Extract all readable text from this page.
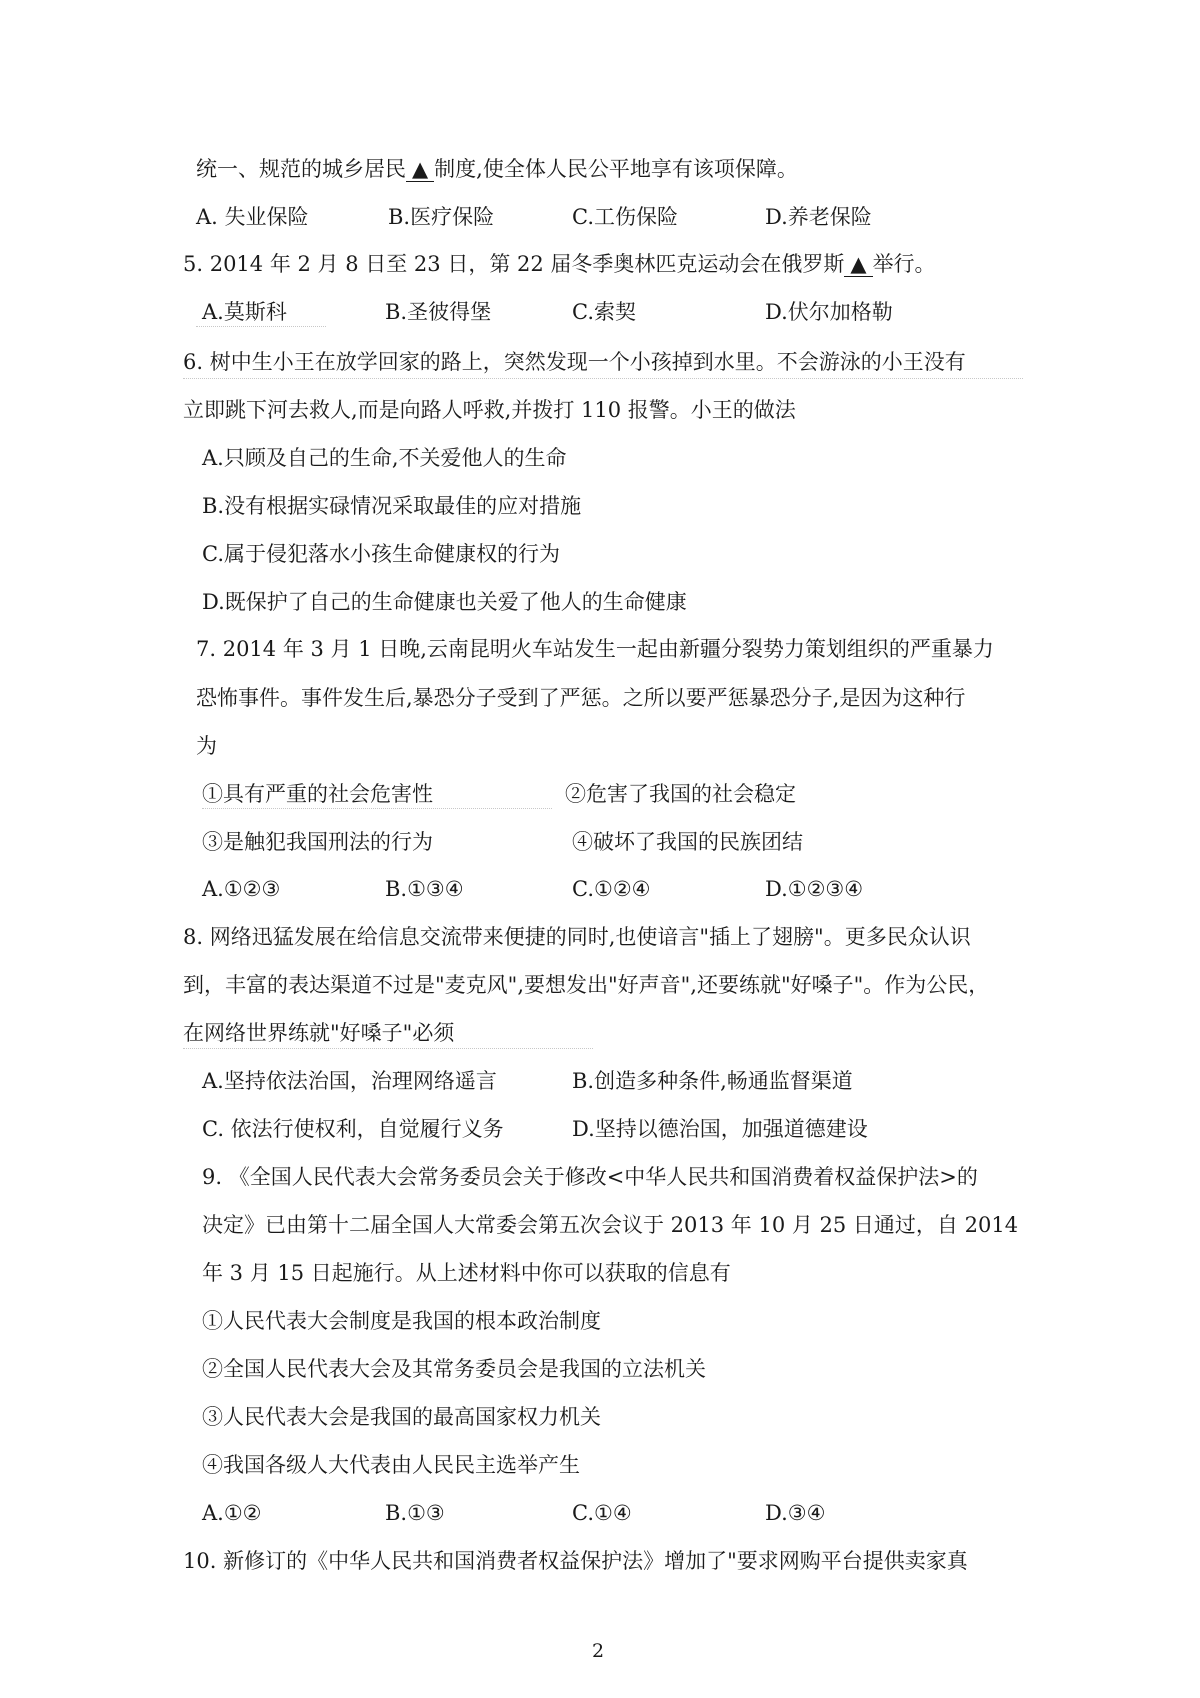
统一、规范的城乡居民 ▲ 制度,使全体人民公平地享有该项保障。
A. 失业保险	B.医疗保险	C.工伤保险	D.养老保险
5. 2014 年 2 月 8 日至 23 日，第 22 届冬季奥林匹克运动会在俄罗斯 ▲ 举行。
A.莫斯科	B.圣彼得堡	C.索契	D.伏尔加格勒
6. 树中生小王在放学回家的路上，突然发现一个小孩掉到水里。不会游泳的小王没有
立即跳下河去救人,而是向路人呼救,并拨打 110 报警。小王的做法
A.只顾及自己的生命,不关爱他人的生命
B.没有根据实碌情况采取最佳的应对措施
C.属于侵犯落水小孩生命健康权的行为
D.既保护了自己的生命健康也关爱了他人的生命健康
7. 2014 年 3 月 1 日晚,云南昆明火车站发生一起由新疆分裂势力策划组织的严重暴力
恐怖事件。事件发生后,暴恐分子受到了严惩。之所以要严惩暴恐分子,是因为这种行
为
①具有严重的社会危害性	②危害了我国的社会稳定
③是触犯我国刑法的行为	④破坏了我国的民族团结
A.①②③	B.①③④	C.①②④	D.①②③④
8. 网络迅猛发展在给信息交流带来便捷的同时,也使谙言"插上了翅膀"。更多民众认识
到，丰富的表达渠道不过是"麦克风",要想发出"好声音",还要练就"好嗓子"。作为公民，
在网络世界练就"好嗓子"必须
A.坚持依法治国，治理网络遥言	B.创造多种条件,畅通监督渠道
C. 依法行使权利，自觉履行义务	D.坚持以德治国，加强道德建设
9. 《全国人民代表大会常务委员会关于修改<中华人民共和国消费着权益保护法>的
决定》已由第十二届全国人大常委会第五次会议于 2013 年 10 月 25 日通过，自 2014
年 3 月 15 日起施行。从上述材料中你可以获取的信息有
①人民代表大会制度是我国的根本政治制度
②全国人民代表大会及其常务委员会是我国的立法机关
③人民代表大会是我国的最高国家权力机关
④我国各级人大代表由人民民主选举产生
A.①②	B.①③	C.①④	D.③④
10. 新修订的《中华人民共和国消费者权益保护法》增加了"要求网购平台提供卖家真
2
